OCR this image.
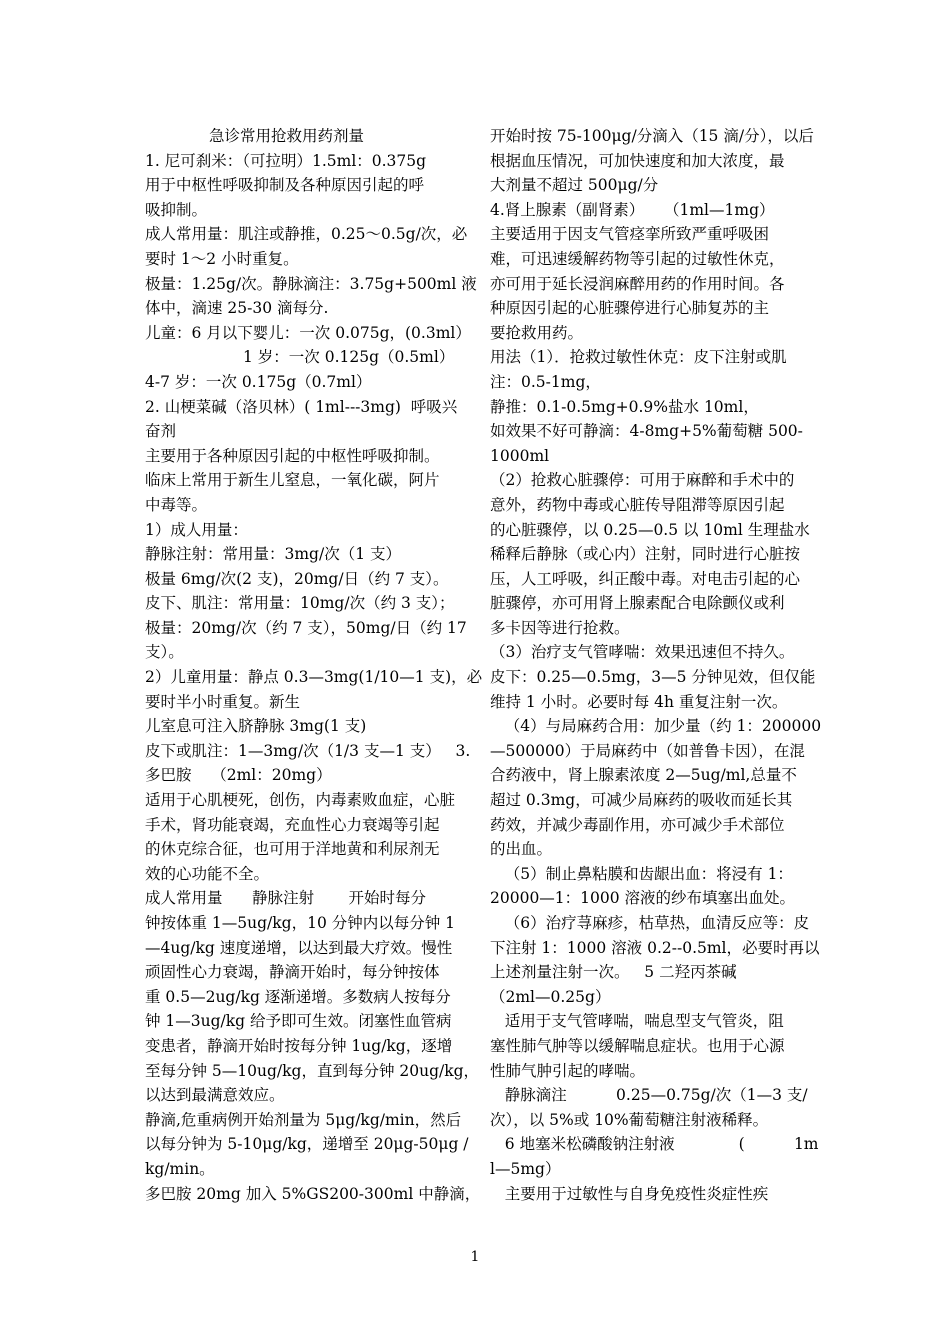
急诊常用抢救用药剂量
1. 尼可刹米：（可拉明）1.5ml：0.375g
用于中枢性呼吸抑制及各种原因引起的呼
吸抑制。
成人常用量：肌注或静推，0.25～0.5g/次，必
要时 1～2 小时重复。
极量：1.25g/次。静脉滴注：3.75g+500ml 液
体中，滴速 25-30 滴每分.
儿童：6 月以下婴儿：一次 0.075g，(0.3ml）
1 岁：一次 0.125g（0.5ml）
4-7 岁：一次 0.175g（0.7ml）
2. 山梗菜碱（洛贝林）( 1ml---3mg)  呼吸兴
奋剂
主要用于各种原因引起的中枢性呼吸抑制。
临床上常用于新生儿窒息，一氧化碳，阿片
中毒等。
1）成人用量：
静脉注射：常用量：3mg/次（1 支）
极量 6mg/次(2 支)，20mg/日（约 7 支）。
皮下、肌注：常用量：10mg/次（约 3 支）；
极量：20mg/次（约 7 支），50mg/日（约 17
支）。
2）儿童用量：静点 0.3—3mg(1/10—1 支)，必
要时半小时重复。新生
儿室息可注入脐静脉 3mg(1 支)
皮下或肌注：1—3mg/次（1/3 支—1 支）   3.
多巴胺    （2ml：20mg）
适用于心肌梗死，创伤，内毒素败血症，心脏
手术，肾功能衰竭，充血性心力衰竭等引起
的休克综合征，也可用于洋地黄和利尿剂无
效的心功能不全。
成人常用量      静脉注射       开始时每分
钟按体重 1—5ug/kg，10 分钟内以每分钟 1
—4ug/kg 速度递增，以达到最大疗效。慢性
顽固性心力衰竭，静滴开始时，每分钟按体
重 0.5—2ug/kg 逐渐递增。多数病人按每分
钟 1—3ug/kg 给予即可生效。闭塞性血管病
变患者，静滴开始时按每分钟 1ug/kg，逐增
至每分钟 5—10ug/kg，直到每分钟 20ug/kg，
以达到最满意效应。
静滴,危重病例开始剂量为 5μg/kg/min，然后
以每分钟为 5-10μg/kg，递增至 20μg-50μg /
kg/min。
多巴胺 20mg 加入 5%GS200-300ml 中静滴，
开始时按 75-100μg/分滴入（15 滴/分），以后
根据血压情况，可加快速度和加大浓度，最
大剂量不超过 500μg/分
4.肾上腺素（副肾素）    （1ml—1mg）
主要适用于因支气管痉挛所致严重呼吸困
难，可迅速缓解药物等引起的过敏性休克，
亦可用于延长浸润麻醉用药的作用时间。各
种原因引起的心脏骤停进行心肺复苏的主
要抢救用药。
用法（1）．抢救过敏性休克：皮下注射或肌
注：0.5-1mg，
静推：0.1-0.5mg+0.9%盐水 10ml，
如效果不好可静滴：4-8mg+5%葡萄糖 500-
1000ml
（2）抢救心脏骤停：可用于麻醉和手术中的
意外，药物中毒或心脏传导阻滞等原因引起
的心脏骤停，以 0.25—0.5 以 10ml 生理盐水
稀释后静脉（或心内）注射，同时进行心脏按
压，人工呼吸，纠正酸中毒。对电击引起的心
脏骤停，亦可用肾上腺素配合电除颤仪或利
多卡因等进行抢救。
（3）治疗支气管哮喘：效果迅速但不持久。
皮下：0.25—0.5mg，3—5 分钟见效，但仅能
维持 1 小时。必要时每 4h 重复注射一次。
（4）与局麻药合用：加少量（约 1：200000
—500000）于局麻药中（如普鲁卡因），在混
合药液中，肾上腺素浓度 2—5ug/ml,总量不
超过 0.3mg，可减少局麻药的吸收而延长其
药效，并减少毒副作用，亦可减少手术部位
的出血。
（5）制止鼻粘膜和齿龈出血：将浸有 1：
20000—1：1000 溶液的纱布填塞出血处。
（6）治疗荨麻疹，枯草热，血清反应等：皮
下注射 1：1000 溶液 0.2--0.5ml，必要时再以
上述剂量注射一次。   5 二羟丙茶碱
（2ml—0.25g）
适用于支气管哮喘，喘息型支气管炎，阻
塞性肺气肿等以缓解喘息症状。也用于心源
性肺气肿引起的哮喘。
静脉滴注          0.25—0.75g/次（1—3 支/
次），以 5%或 10%葡萄糖注射液稀释。
6 地塞米松磷酸钠注射液             (          1m
l—5mg）
主要用于过敏性与自身免疫性炎症性疾
1
